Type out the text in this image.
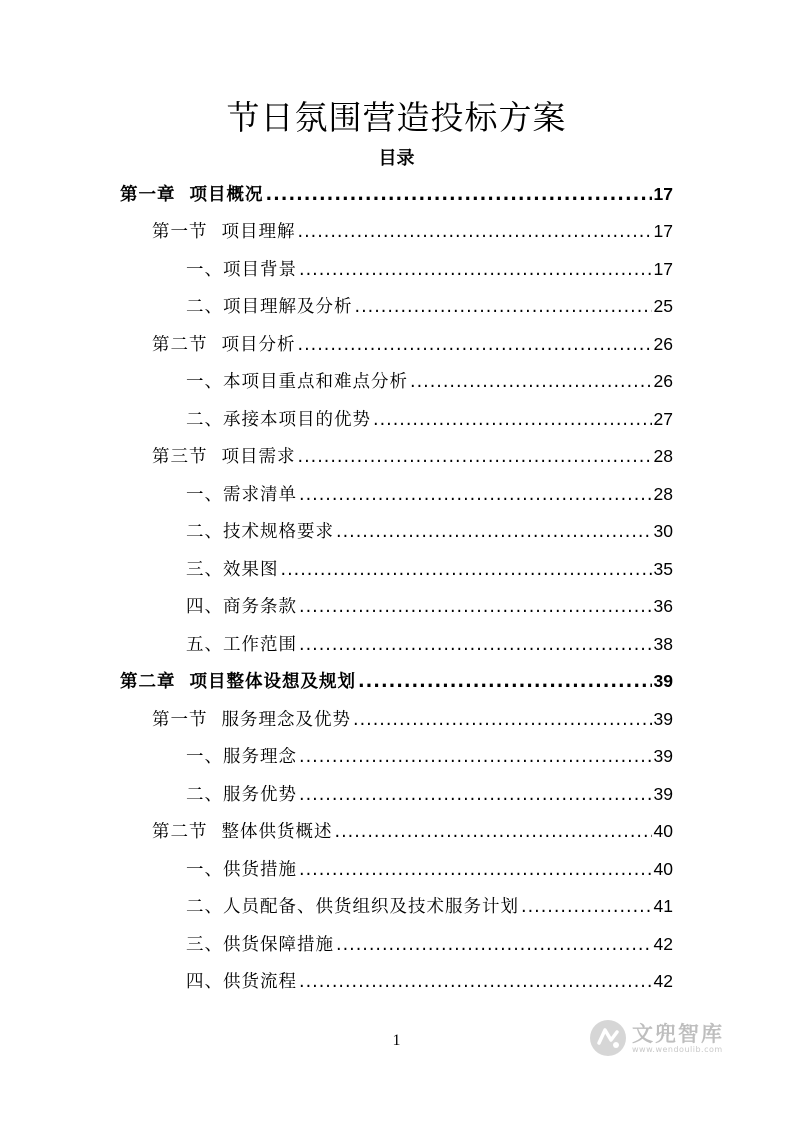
节日氛围营造投标方案
目录
第一章 项目概况 .....	17
第一节 项目理解 .....	17
一、项目背景 .....	17
二、项目理解及分析 .....	25
第二节 项目分析 .....	26
一、本项目重点和难点分析 .....	26
二、承接本项目的优势 .....	27
第三节 项目需求 .....	28
一、需求清单 .....	28
二、技术规格要求 .....	30
三、效果图 .....	35
四、商务条款 .....	36
五、工作范围 .....	38
第二章 项目整体设想及规划 .....	39
第一节 服务理念及优势 .....	39
一、服务理念 .....	39
二、服务优势 .....	39
第二节 整体供货概述 .....	40
一、供货措施 .....	40
二、人员配备、供货组织及技术服务计划 .....	41
三、供货保障措施 .....	42
四、供货流程 .....	42
1	文兜智库
www.wendoulib.com
